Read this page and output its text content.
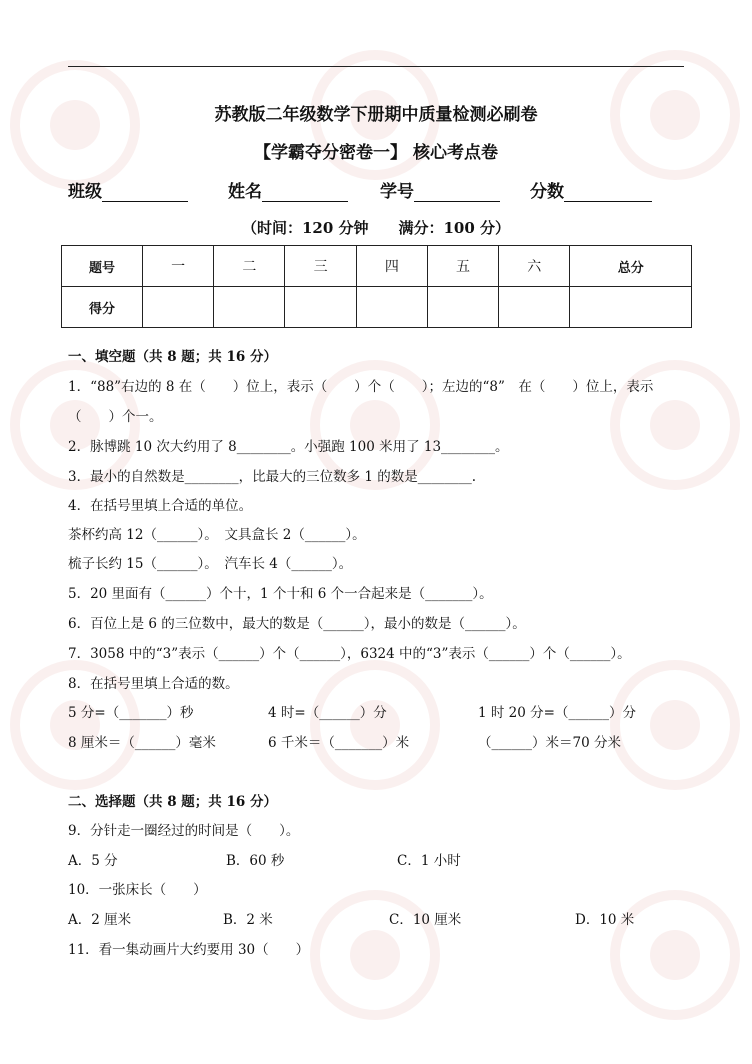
苏教版二年级数学下册期中质量检测必刷卷
【学霸夺分密卷一】 核心考点卷
班级	姓名	学号	分数
（时间：120 分钟　　满分：100 分）
题号	一	二	三	四	五	六	总分
得分							
一、填空题（共 8 题；共 16 分）
1．“88”右边的 8 在（　　）位上，表示（　　）个（　　）；左边的“8”　在（　　）位上，表示
（　　）个一。
2．脉博跳 10 次大约用了 8________。小强跑 100 米用了 13________。
3．最小的自然数是________，比最大的三位数多 1 的数是________.
4．在括号里填上合适的单位。
茶杯约高 12（______）。　文具盒长 2（______）。
梳子长约 15（______）。　汽车长 4（______）。
5．20 里面有（______）个十，1 个十和 6 个一合起来是（_______）。
6．百位上是 6 的三位数中，最大的数是（______），最小的数是（______）。
7．3058 中的“3”表示（______）个（______），6324 中的“3”表示（______）个（______）。
8．在括号里填上合适的数。
5 分=（_______）秒	4 时=（______）分	1 时 20 分=（______）分
8 厘米＝（______）毫米	6 千米＝（_______）米	（______）米＝70 分米
二、选择题（共 8 题；共 16 分）
9．分针走一圈经过的时间是（　　）。
A．5 分	B．60 秒	C．1 小时
10．一张床长（　　）
A．2 厘米	B．2 米	C．10 厘米	D．10 米
11．看一集动画片大约要用 30（　　）
